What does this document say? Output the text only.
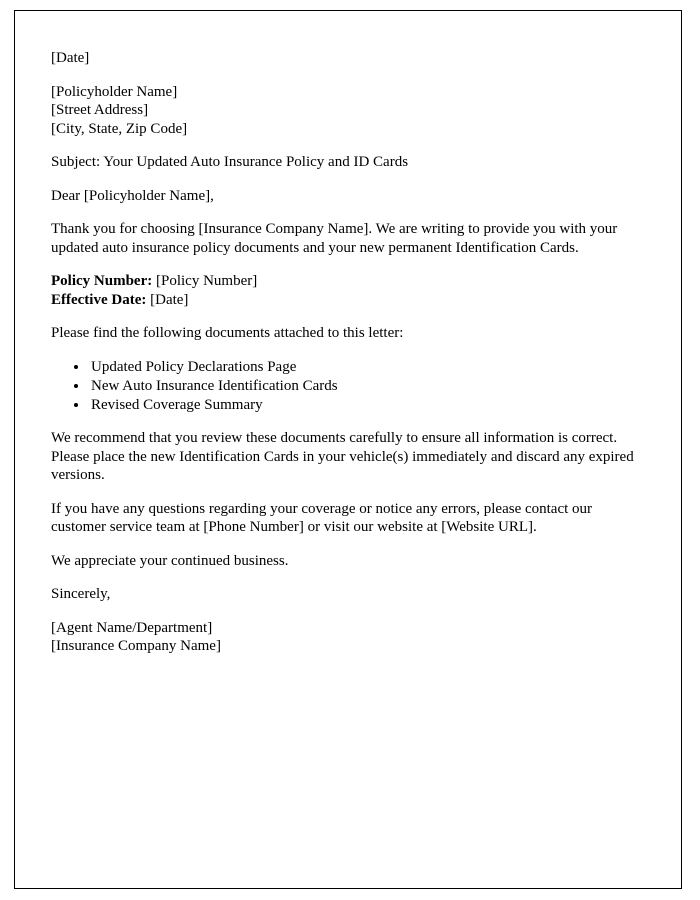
[Date]

[Policyholder Name]
[Street Address]
[City, State, Zip Code]

Subject: Your Updated Auto Insurance Policy and ID Cards

Dear [Policyholder Name],

Thank you for choosing [Insurance Company Name]. We are writing to provide you with your updated auto insurance policy documents and your new permanent Identification Cards.

Policy Number: [Policy Number]
Effective Date: [Date]

Please find the following documents attached to this letter:

• Updated Policy Declarations Page
• New Auto Insurance Identification Cards
• Revised Coverage Summary

We recommend that you review these documents carefully to ensure all information is correct. Please place the new Identification Cards in your vehicle(s) immediately and discard any expired versions.

If you have any questions regarding your coverage or notice any errors, please contact our customer service team at [Phone Number] or visit our website at [Website URL].

We appreciate your continued business.

Sincerely,

[Agent Name/Department]
[Insurance Company Name]
